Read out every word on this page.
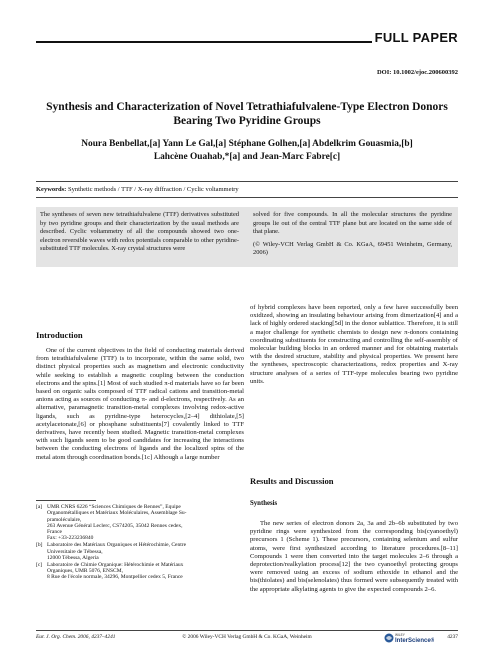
FULL PAPER
DOI: 10.1002/ejoc.200600392
Synthesis and Characterization of Novel Tetrathiafulvalene-Type Electron Donors Bearing Two Pyridine Groups
Noura Benbellat,[a] Yann Le Gal,[a] Stéphane Golhen,[a] Abdelkrim Gouasmia,[b]
Lahcène Ouahab,*[a] and Jean-Marc Fabre[c]
Keywords: Synthetic methods / TTF / X-ray diffraction / Cyclic voltammetry
The syntheses of seven new tetrathiafulvalene (TTF) derivatives substituted by two pyridine groups and their characterization by the usual methods are described. Cyclic voltammetry of all the compounds showed two one-electron reversible waves with redox potentials comparable to other pyridine-substituted TTF molecules. X-ray crystal structures were
solved for five compounds. In all the molecular structures the pyridine groups lie out of the central TTF plane but are located on the same side of that plane.
(© Wiley-VCH Verlag GmbH & Co. KGaA, 69451 Weinheim, Germany, 2006)
Introduction

One of the current objectives in the field of conducting materials derived from tetrathiafulvalene (TTF) is to incorporate, within the same solid, two distinct physical properties such as magnetism and electronic conductivity while seeking to establish a magnetic coupling between the conduction electrons and the spins.[1] Most of such studied π-d materials have so far been based on organic salts composed of TTF radical cations and transition-metal anions acting as sources of conducting π- and d-electrons, respectively. As an alternative, paramagnetic transition-metal complexes involving redox-active ligands, such as pyridine-type heterocycles,[2–4] dithiolate,[5] acetylacetonate,[6] or phosphane substituents[7] covalently linked to TTF derivatives, have recently been studied. Magnetic transition-metal complexes with such ligands seem to be good candidates for increasing the interactions between the conducting electrons of ligands and the localized spins of the metal atom through coordination bonds.[1c] Although a large number

of hybrid complexes have been reported, only a few have successfully been oxidized, showing an insulating behaviour arising from dimerization[4] and a lack of highly ordered stacking[5d] in the donor sublattice. Therefore, it is still a major challenge for synthetic chemists to design new π-donors containing coordinating substituents for constructing and controlling the self-assembly of molecular building blocks in an ordered manner and for obtaining materials with the desired structure, stability and physical properties. We present here the syntheses, spectroscopic characterizations, redox properties and X-ray structure analyses of a series of TTF-type molecules bearing two pyridine units.

Results and Discussion
Synthesis

The new series of electron donors 2a, 3a and 2b–6b substituted by two pyridine rings were synthesized from the corresponding bis(cyanoethyl) precursors 1 (Scheme 1). These precursors, containing selenium and sulfur atoms, were first synthesized according to literature procedures.[8–11] Compounds 1 were then converted into the target molecules 2–6 through a deprotection/realkylation process[12] the two cyanoethyl protecting groups were removed using an excess of sodium ethoxide in ethanol and the bis(thiolates) and bis(selenolates) thus formed were subsequently treated with the appropriate alkylating agents to give the expected compounds 2–6.

[a] UMR CNRS 6226 “Sciences Chimiques de Rennes”, Equipe
Organométalliques et Matériaux Moléculaires, Assemblage Su-
pramoléculaire,
263 Avenue Général Leclerc, CS74205, 35042 Rennes cedex,
France
Fax: +33-223236840
[b] Laboratoire des Matériaux Organiques et Hétérochimie, Centre
Universitaire de Tébessa,
12000 Tébessa, Algeria
[c] Laboratoire de Chimie Organique: Hétérochimie et Matériaux
Organiques, UMR 5076, ENSCM,
8 Rue de l'école normale, 34296, Montpellier cedex 5, France
Eur. J. Org. Chem. 2006, 4237–4241	© 2006 Wiley-VCH Verlag GmbH & Co. KGaA, Weinheim	WILEY
InterScience®
4237
